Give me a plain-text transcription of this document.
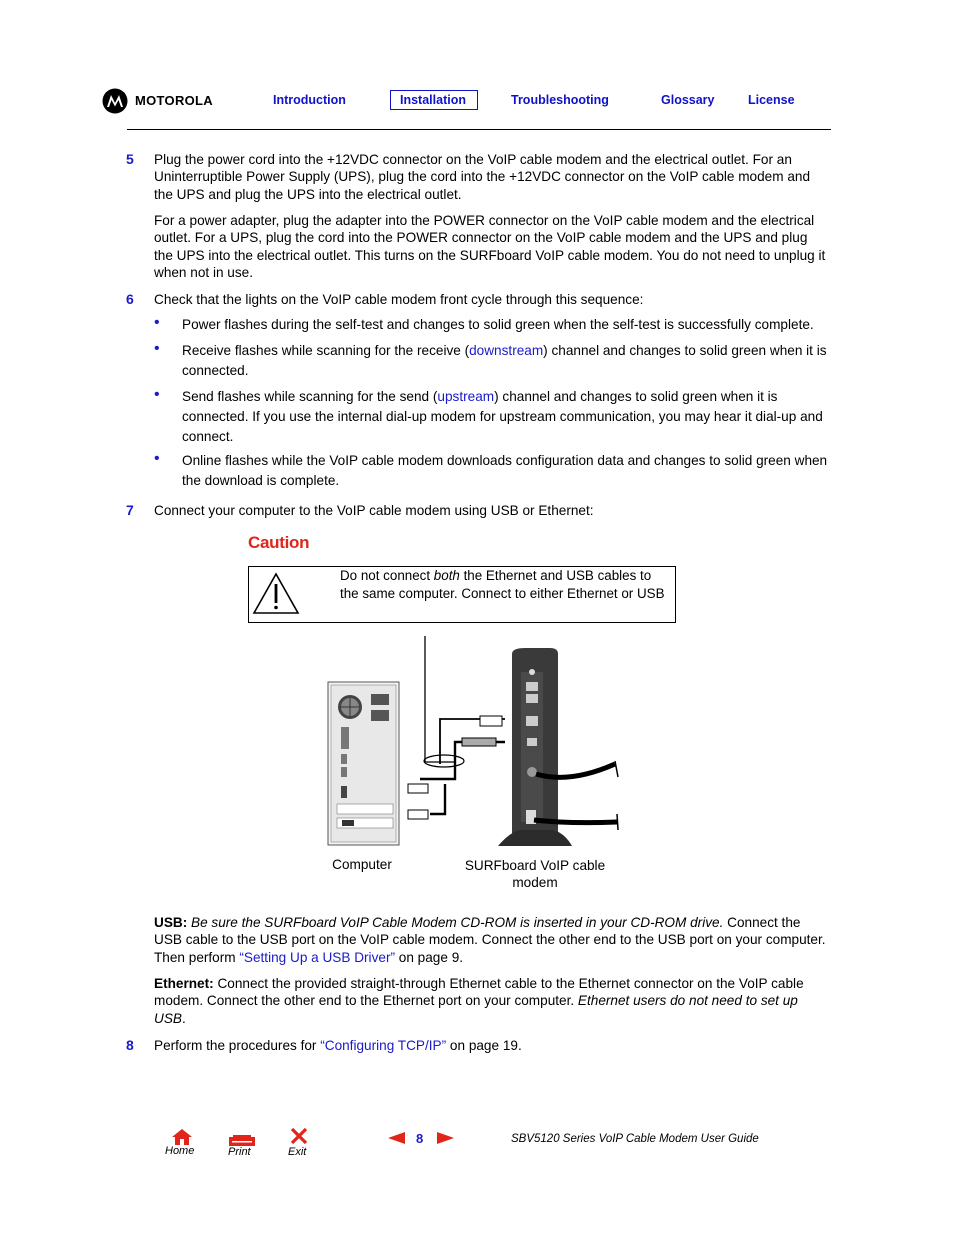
MOTOROLA	Introduction	Installation	Troubleshooting	Glossary	License
5 Plug the power cord into the +12VDC connector on the VoIP cable modem and the electrical outlet. For an Uninterruptible Power Supply (UPS), plug the cord into the +12VDC connector on the VoIP cable modem and the UPS and plug the UPS into the electrical outlet.
For a power adapter, plug the adapter into the POWER connector on the VoIP cable modem and the electrical outlet. For a UPS, plug the cord into the POWER connector on the VoIP cable modem and the UPS and plug the UPS into the electrical outlet. This turns on the SURFboard VoIP cable modem. You do not need to unplug it when not in use.
6 Check that the lights on the VoIP cable modem front cycle through this sequence:
• Power flashes during the self-test and changes to solid green when the self-test is successfully complete.
• Receive flashes while scanning for the receive (downstream) channel and changes to solid green when it is connected.
• Send flashes while scanning for the send (upstream) channel and changes to solid green when it is connected. If you use the internal dial-up modem for upstream communication, you may hear it dial-up and connect.
• Online flashes while the VoIP cable modem downloads configuration data and changes to solid green when the download is complete.
7 Connect your computer to the VoIP cable modem using USB or Ethernet:
Caution
Do not connect both the Ethernet and USB cables to the same computer. Connect to either Ethernet or USB
Computer	SURFboard VoIP cable modem
USB: Be sure the SURFboard VoIP Cable Modem CD-ROM is inserted in your CD-ROM drive. Connect the USB cable to the USB port on the VoIP cable modem. Connect the other end to the USB port on your computer. Then perform “Setting Up a USB Driver” on page 9.
Ethernet: Connect the provided straight-through Ethernet cable to the Ethernet connector on the VoIP cable modem. Connect the other end to the Ethernet port on your computer. Ethernet users do not need to set up USB.
8 Perform the procedures for “Configuring TCP/IP” on page 19.
Home	Print	Exit
8	SBV5120 Series VoIP Cable Modem User Guide
